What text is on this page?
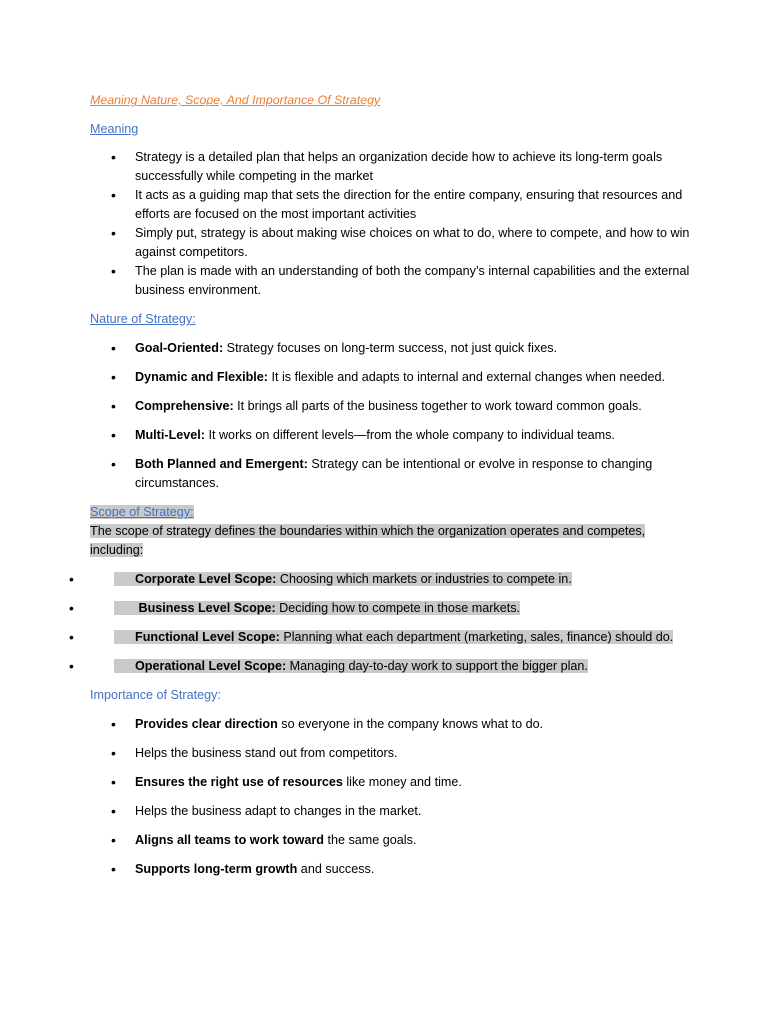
Meaning Nature, Scope, And Importance Of Strategy
Meaning
• Strategy is a detailed plan that helps an organization decide how to achieve its long-term goals successfully while competing in the market
• It acts as a guiding map that sets the direction for the entire company, ensuring that resources and efforts are focused on the most important activities
• Simply put, strategy is about making wise choices on what to do, where to compete, and how to win against competitors.
• The plan is made with an understanding of both the company’s internal capabilities and the external business environment.
Nature of Strategy:
• Goal-Oriented: Strategy focuses on long-term success, not just quick fixes.
• Dynamic and Flexible: It is flexible and adapts to internal and external changes when needed.
• Comprehensive: It brings all parts of the business together to work toward common goals.
• Multi-Level: It works on different levels—from the whole company to individual teams.
• Both Planned and Emergent: Strategy can be intentional or evolve in response to changing circumstances.
Scope of Strategy:
The scope of strategy defines the boundaries within which the organization operates and competes, including:
•	Corporate Level Scope: Choosing which markets or industries to compete in.
•	Business Level Scope: Deciding how to compete in those markets.
•	Functional Level Scope: Planning what each department (marketing, sales, finance) should do.
•	Operational Level Scope: Managing day-to-day work to support the bigger plan.
Importance of Strategy:
• Provides clear direction so everyone in the company knows what to do.
• Helps the business stand out from competitors.
• Ensures the right use of resources like money and time.
• Helps the business adapt to changes in the market.
• Aligns all teams to work toward the same goals.
• Supports long-term growth and success.
